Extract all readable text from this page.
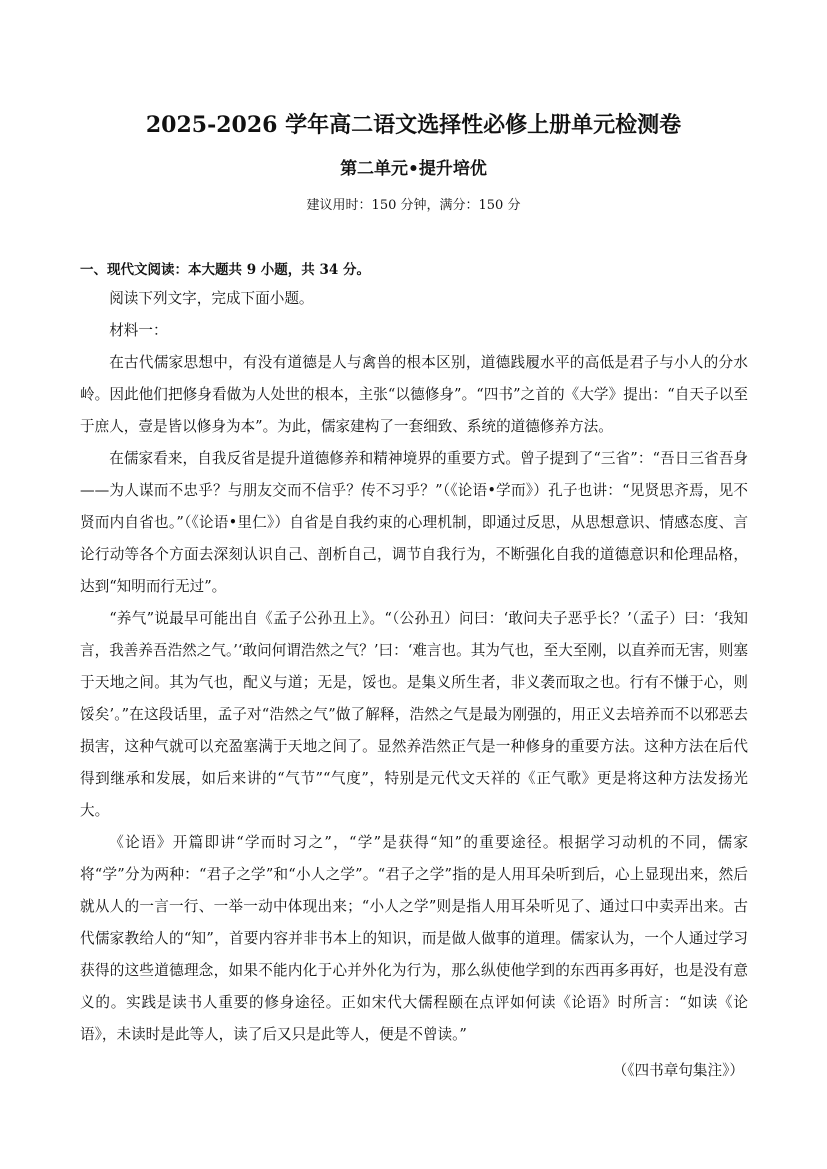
2025-2026 学年高二语文选择性必修上册单元检测卷
第二单元•提升培优
建议用时：150 分钟，满分：150 分
一、现代文阅读：本大题共 9 小题，共 34 分。

阅读下列文字，完成下面小题。

材料一：

在古代儒家思想中，有没有道德是人与禽兽的根本区别，道德践履水平的高低是君子与小人的分水岭。因此他们把修身看做为人处世的根本，主张“以德修身”。“四书”之首的《大学》提出：“自天子以至于庶人，壹是皆以修身为本”。为此，儒家建构了一套细致、系统的道德修养方法。

在儒家看来，自我反省是提升道德修养和精神境界的重要方式。曾子提到了“三省”：“吾日三省吾身——为人谋而不忠乎？与朋友交而不信乎？传不习乎？”（《论语•学而》）孔子也讲：“见贤思齐焉，见不贤而内自省也。”（《论语•里仁》）自省是自我约束的心理机制，即通过反思，从思想意识、情感态度、言论行动等各个方面去深刻认识自己、剖析自己，调节自我行为，不断强化自我的道德意识和伦理品格，达到“知明而行无过”。

“养气”说最早可能出自《孟子公孙丑上》。“（公孙丑）问曰：‘敢问夫子恶乎长？’（孟子）曰：‘我知言，我善养吾浩然之气。’‘敢问何谓浩然之气？’曰：‘难言也。其为气也，至大至刚，以直养而无害，则塞于天地之间。其为气也，配义与道；无是，馁也。是集义所生者，非义袭而取之也。行有不慊于心，则馁矣’。”在这段话里，孟子对“浩然之气”做了解释，浩然之气是最为刚强的，用正义去培养而不以邪恶去损害，这种气就可以充盈塞满于天地之间了。显然养浩然正气是一种修身的重要方法。这种方法在后代得到继承和发展，如后来讲的“气节”“气度”，特别是元代文天祥的《正气歌》更是将这种方法发扬光大。

《论语》开篇即讲“学而时习之”，“学”是获得“知”的重要途径。根据学习动机的不同，儒家将“学”分为两种：“君子之学”和“小人之学”。“君子之学”指的是人用耳朵听到后，心上显现出来，然后就从人的一言一行、一举一动中体现出来；“小人之学”则是指人用耳朵听见了、通过口中卖弄出来。古代儒家教给人的“知”，首要内容并非书本上的知识，而是做人做事的道理。儒家认为，一个人通过学习获得的这些道德理念，如果不能内化于心并外化为行为，那么纵使他学到的东西再多再好，也是没有意义的。实践是读书人重要的修身途径。正如宋代大儒程颐在点评如何读《论语》时所言：“如读《论语》，未读时是此等人，读了后又只是此等人，便是不曾读。”

（《四书章句集注》）
